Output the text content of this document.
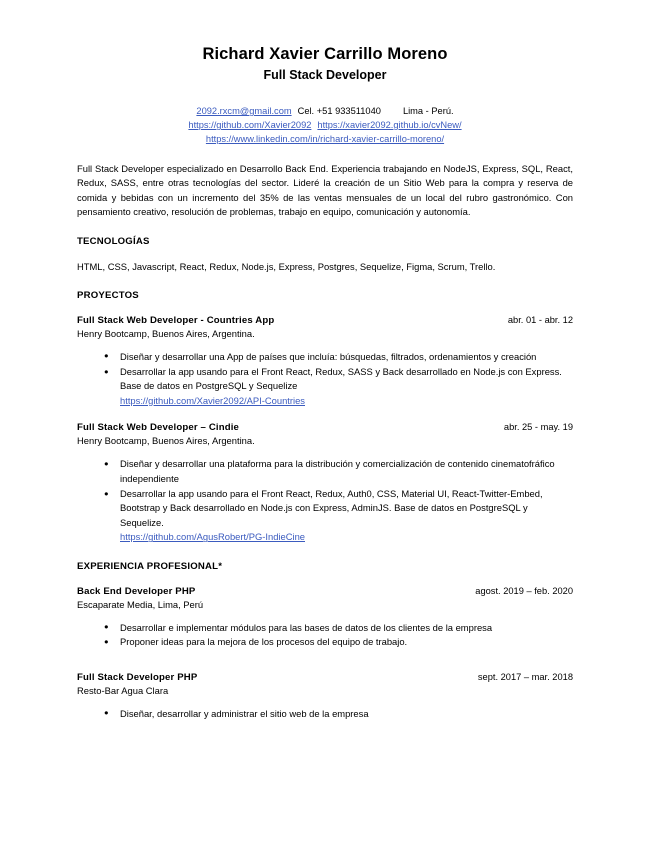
Richard Xavier Carrillo Moreno
Full Stack Developer
2092.rxcm@gmail.com Cel. +51 933511040 Lima - Perú.
https://github.com/Xavier2092 https://xavier2092.github.io/cvNew/
https://www.linkedin.com/in/richard-xavier-carrillo-moreno/
Full Stack Developer especializado en Desarrollo Back End. Experiencia trabajando en NodeJS, Express, SQL, React, Redux, SASS, entre otras tecnologías del sector. Lideré la creación de un Sitio Web para la compra y reserva de comida y bebidas con un incremento del 35% de las ventas mensuales de un local del rubro gastronómico. Con pensamiento creativo, resolución de problemas, trabajo en equipo, comunicación y autonomía.
TECNOLOGÍAS
HTML, CSS, Javascript, React, Redux, Node.js, Express, Postgres, Sequelize, Figma, Scrum, Trello.
PROYECTOS
Full Stack Web Developer - Countries App	abr. 01 - abr. 12
Henry Bootcamp, Buenos Aires, Argentina.
● Diseñar y desarrollar una App de países que incluía: búsquedas, filtrados, ordenamientos y creación
● Desarrollar la app usando para el Front React, Redux, SASS y Back desarrollado en Node.js con Express. Base de datos en PostgreSQL y Sequelize
https://github.com/Xavier2092/API-Countries
Full Stack Web Developer – Cindie	abr. 25 - may. 19
Henry Bootcamp, Buenos Aires, Argentina.
● Diseñar y desarrollar una plataforma para la distribución y comercialización de contenido cinematofráfico independiente
● Desarrollar la app usando para el Front React, Redux, Auth0, CSS, Material UI, React-Twitter-Embed, Bootstrap y Back desarrollado en Node.js con Express, AdminJS. Base de datos en PostgreSQL y Sequelize.
https://github.com/AgusRobert/PG-IndieCine
EXPERIENCIA PROFESIONAL*
Back End Developer PHP	agost. 2019 – feb. 2020
Escaparate Media, Lima, Perú
● Desarrollar e implementar módulos para las bases de datos de los clientes de la empresa
● Proponer ideas para la mejora de los procesos del equipo de trabajo.
Full Stack Developer PHP	sept. 2017 – mar. 2018
Resto-Bar Agua Clara
● Diseñar, desarrollar y administrar el sitio web de la empresa
